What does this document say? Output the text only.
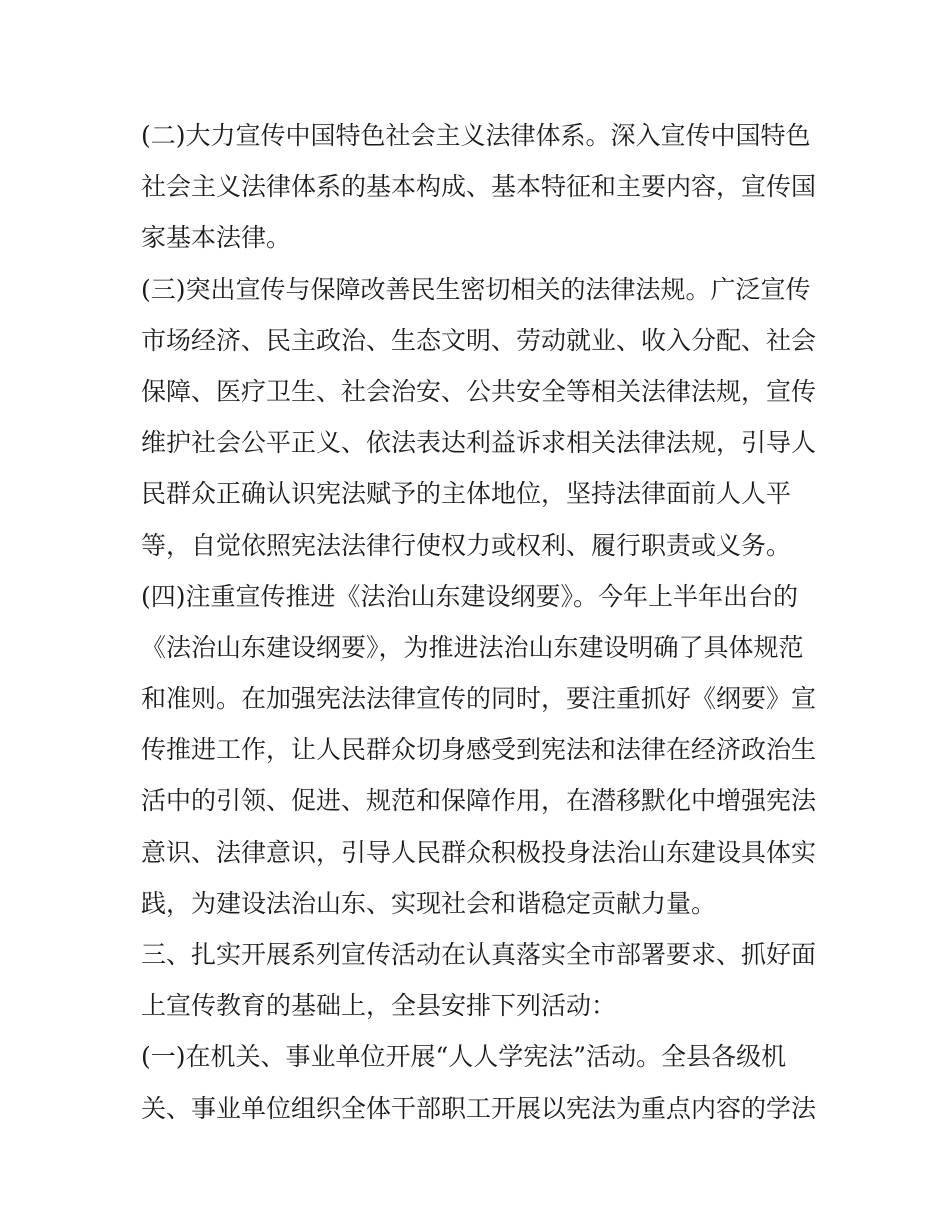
(二)大力宣传中国特色社会主义法律体系。深入宣传中国特色
社会主义法律体系的基本构成、基本特征和主要内容，宣传国
家基本法律。
(三)突出宣传与保障改善民生密切相关的法律法规。广泛宣传
市场经济、民主政治、生态文明、劳动就业、收入分配、社会
保障、医疗卫生、社会治安、公共安全等相关法律法规，宣传
维护社会公平正义、依法表达利益诉求相关法律法规，引导人
民群众正确认识宪法赋予的主体地位，坚持法律面前人人平
等，自觉依照宪法法律行使权力或权利、履行职责或义务。
(四)注重宣传推进《法治山东建设纲要》。今年上半年出台的
《法治山东建设纲要》，为推进法治山东建设明确了具体规范
和准则。在加强宪法法律宣传的同时，要注重抓好《纲要》宣
传推进工作，让人民群众切身感受到宪法和法律在经济政治生
活中的引领、促进、规范和保障作用，在潜移默化中增强宪法
意识、法律意识，引导人民群众积极投身法治山东建设具体实
践，为建设法治山东、实现社会和谐稳定贡献力量。
三、扎实开展系列宣传活动在认真落实全市部署要求、抓好面
上宣传教育的基础上，全县安排下列活动：
(一)在机关、事业单位开展“人人学宪法”活动。全县各级机
关、事业单位组织全体干部职工开展以宪法为重点内容的学法
